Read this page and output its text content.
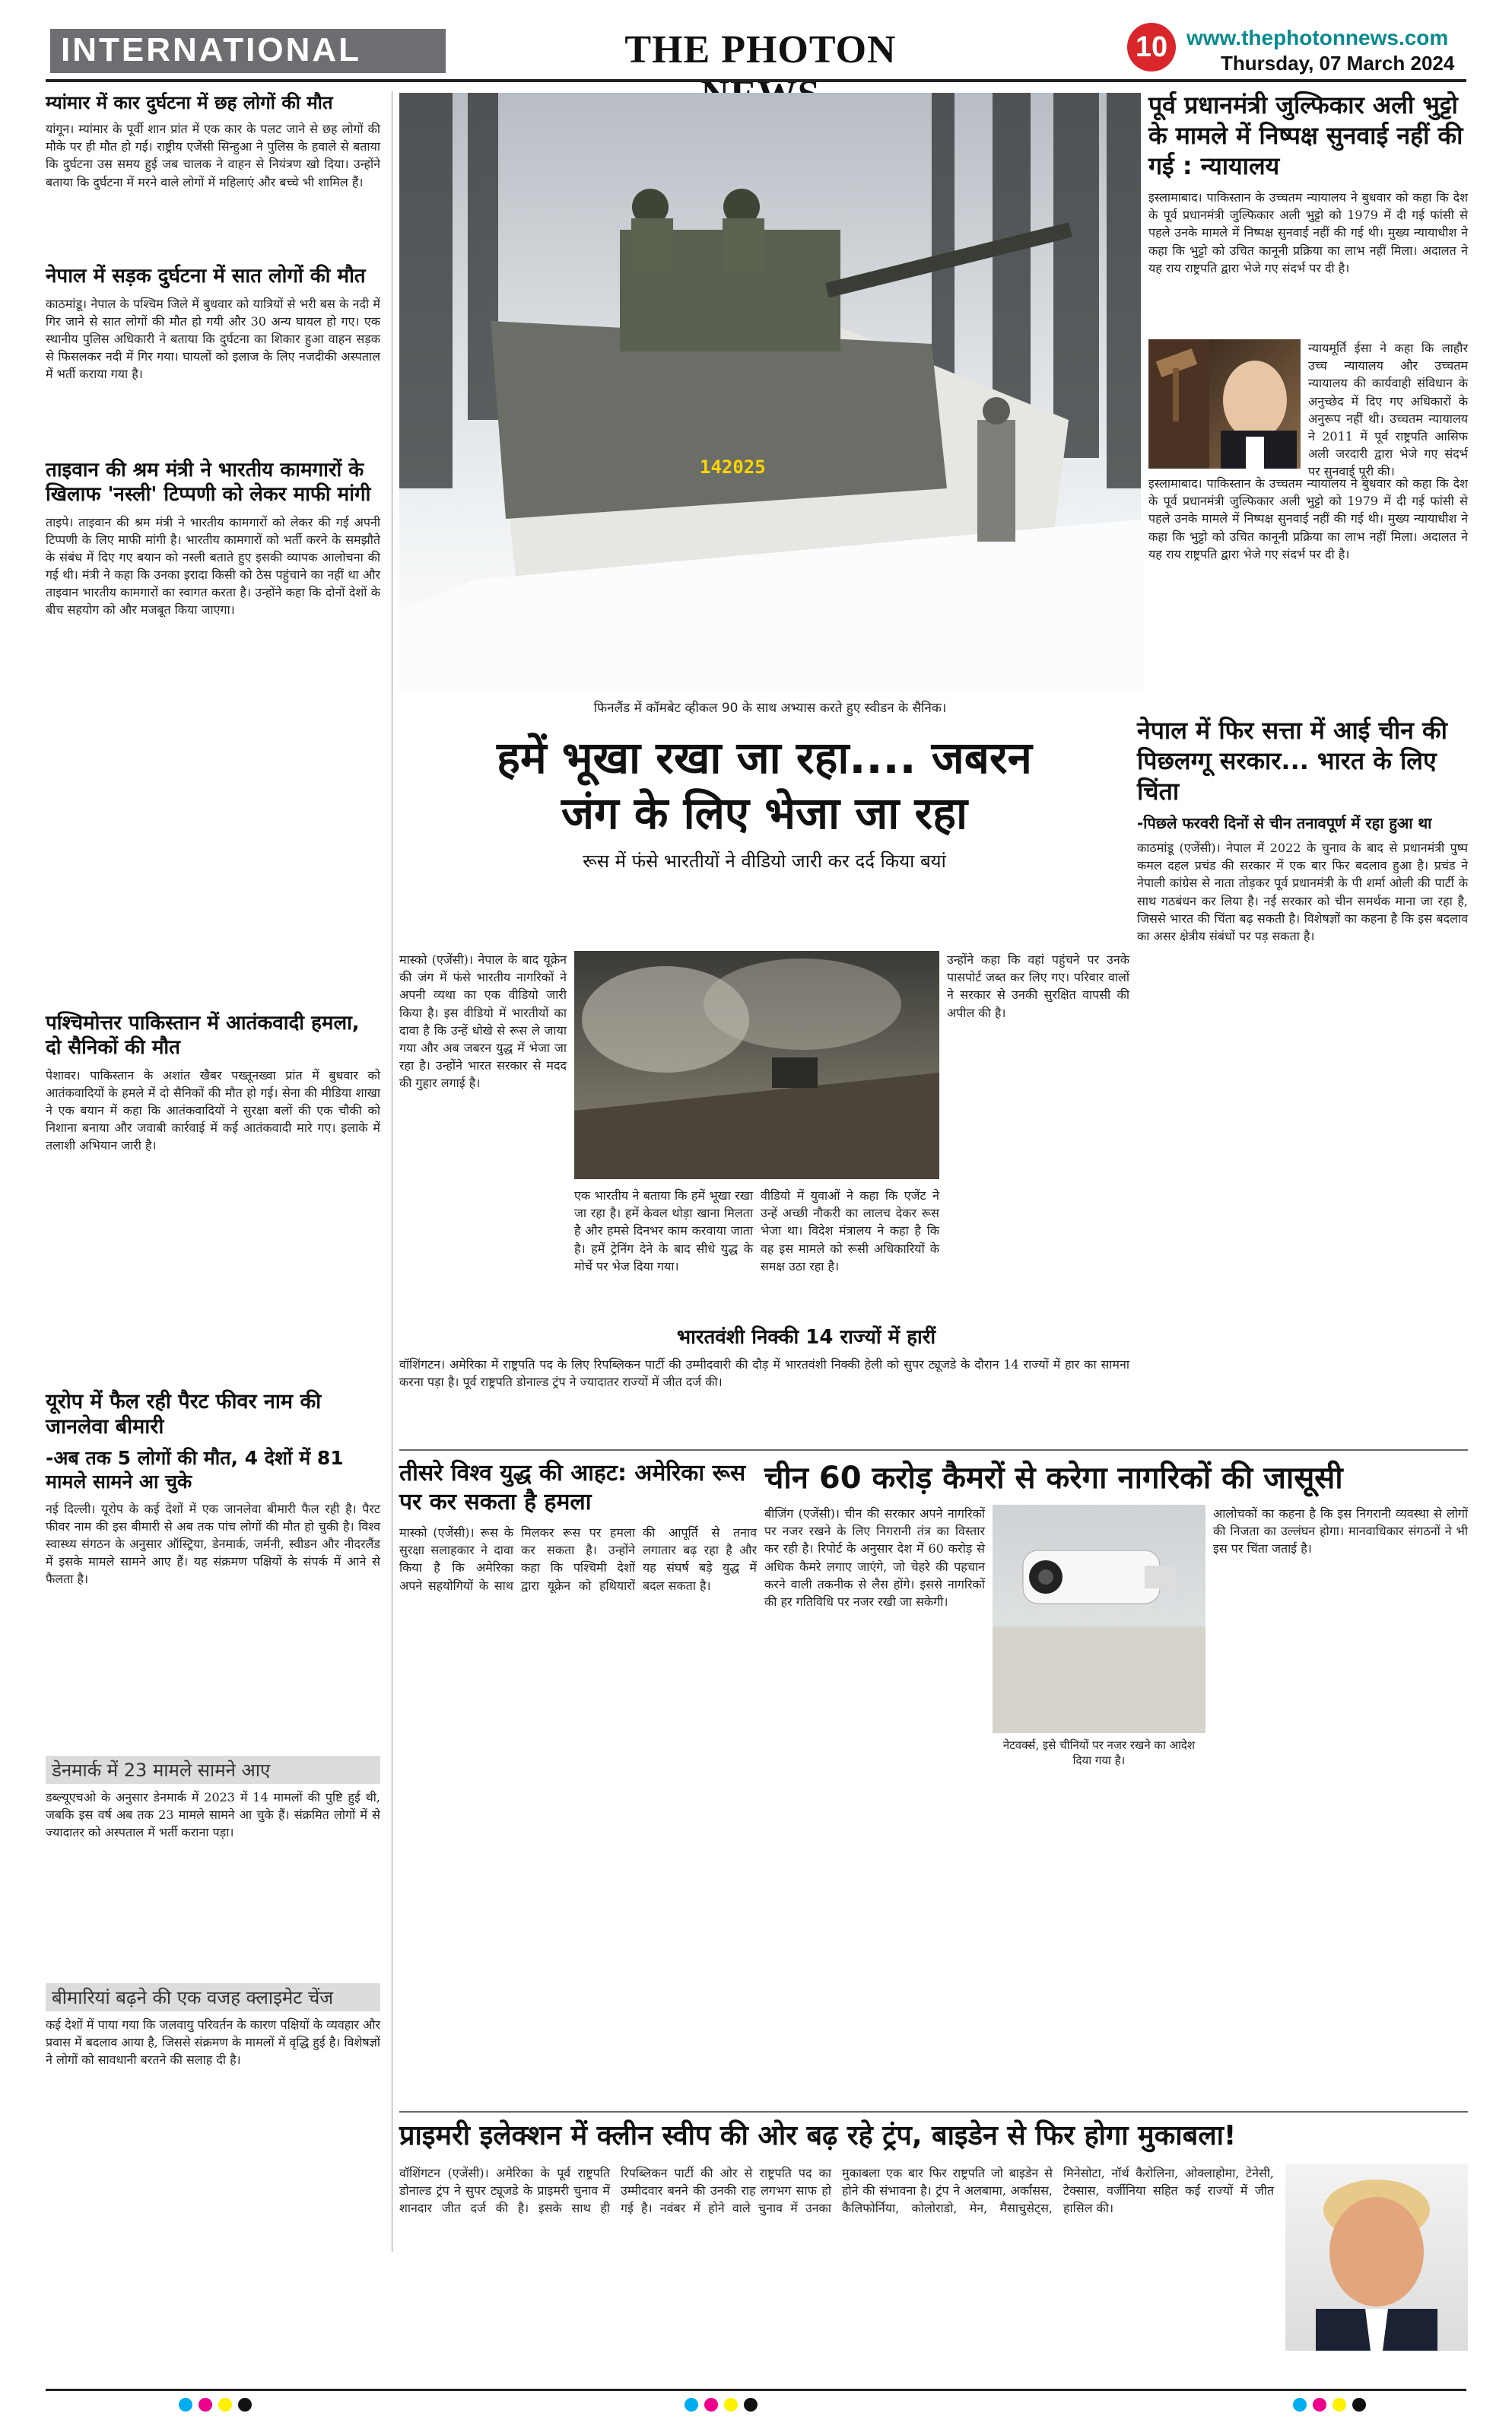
INTERNATIONAL	THE PHOTON	10 www.thephotonnews.com
Thursday, 07 March 2024
म्यांमार में कार दुर्घटना में छह लोगों की मौत
यांगून। म्यांमार के पूर्वी शान प्रांत में एक कार के पलट जाने से छह लोगों की मौके पर ही मौत हो गई। राष्ट्रीय एजेंसी सिन्हुआ ने पुलिस के हवाले से बताया कि दुर्घटना उस समय हुई जब चालक ने वाहन से नियंत्रण खो दिया। उन्होंने बताया कि दुर्घटना में मरने वाले लोगों में महिलाएं और बच्चे भी शामिल हैं।
नेपाल में सड़क दुर्घटना में सात लोगों की मौत
काठमांडू। नेपाल के पश्चिम जिले में बुधवार को यात्रियों से भरी बस के नदी में गिर जाने से सात लोगों की मौत हो गयी और 30 अन्य घायल हो गए। एक स्थानीय पुलिस अधिकारी ने बताया कि दुर्घटना का शिकार हुआ वाहन सड़क से फिसलकर नदी में गिर गया। घायलों को इलाज के लिए नजदीकी अस्पताल में भर्ती कराया गया है।
ताइवान की श्रम मंत्री ने भारतीय कामगारों के खिलाफ 'नस्ली' टिप्पणी को लेकर माफी मांगी
ताइपे। ताइवान की श्रम मंत्री ने भारतीय कामगारों को लेकर की गई अपनी टिप्पणी के लिए माफी मांगी है। भारतीय कामगारों को भर्ती करने के समझौते के संबंध में दिए गए बयान को नस्ली बताते हुए इसकी व्यापक आलोचना की गई थी। मंत्री ने कहा कि उनका इरादा किसी को ठेस पहुंचाने का नहीं था और ताइवान भारतीय कामगारों का स्वागत करता है। उन्होंने कहा कि दोनों देशों के बीच सहयोग को और मजबूत किया जाएगा।
पश्चिमोत्तर पाकिस्तान में आतंकवादी हमला, दो सैनिकों की मौत
पेशावर। पाकिस्तान के अशांत खैबर पख्तूनख्वा प्रांत में बुधवार को आतंकवादियों के हमले में दो सैनिकों की मौत हो गई। सेना की मीडिया शाखा ने एक बयान में कहा कि आतंकवादियों ने सुरक्षा बलों की एक चौकी को निशाना बनाया और जवाबी कार्रवाई में कई आतंकवादी मारे गए। इलाके में तलाशी अभियान जारी है।
यूरोप में फैल रही पैरट फीवर नाम की जानलेवा बीमारी
-अब तक 5 लोगों की मौत, 4 देशों में 81 मामले सामने आ चुके
नई दिल्ली। यूरोप के कई देशों में एक जानलेवा बीमारी फैल रही है। पैरट फीवर नाम की इस बीमारी से अब तक पांच लोगों की मौत हो चुकी है। विश्व स्वास्थ्य संगठन के अनुसार ऑस्ट्रिया, डेनमार्क, जर्मनी, स्वीडन और नीदरलैंड में इसके मामले सामने आए हैं। यह संक्रमण पक्षियों के संपर्क में आने से फैलता है।
डेनमार्क में 23 मामले सामने आए
डब्ल्यूएचओ के अनुसार डेनमार्क में 2023 में 14 मामलों की पुष्टि हुई थी, जबकि इस वर्ष अब तक 23 मामले सामने आ चुके हैं। संक्रमित लोगों में से ज्यादातर को अस्पताल में भर्ती कराना पड़ा।
बीमारियां बढ़ने की एक वजह क्लाइमेट चेंज
कई देशों में पाया गया कि जलवायु परिवर्तन के कारण पक्षियों के व्यवहार और प्रवास में बदलाव आया है, जिससे संक्रमण के मामलों में वृद्धि हुई है। विशेषज्ञों ने लोगों को सावधानी बरतने की सलाह दी है।
142025
फिनलैंड में कॉमबेट व्हीकल 90 के साथ अभ्यास करते हुए स्वीडन के सैनिक।
पूर्व प्रधानमंत्री जुल्फिकार अली भुट्टो के मामले में निष्पक्ष सुनवाई नहीं की गई : न्यायालय
इस्लामाबाद। पाकिस्तान के उच्चतम न्यायालय ने बुधवार को कहा कि देश के पूर्व प्रधानमंत्री जुल्फिकार अली भुट्टो को 1979 में दी गई फांसी से पहले उनके मामले में निष्पक्ष सुनवाई नहीं की गई थी। मुख्य न्यायाधीश ने कहा कि भुट्टो को उचित कानूनी प्रक्रिया का लाभ नहीं मिला। अदालत ने यह राय राष्ट्रपति द्वारा भेजे गए संदर्भ पर दी है।
न्यायमूर्ति ईसा ने कहा कि लाहौर उच्च न्यायालय और उच्चतम न्यायालय की कार्यवाही संविधान के अनुच्छेद में दिए गए अधिकारों के अनुरूप नहीं थी। उच्चतम न्यायालय ने 2011 में पूर्व राष्ट्रपति आसिफ अली जरदारी द्वारा भेजे गए संदर्भ पर सुनवाई पूरी की।
इस्लामाबाद। पाकिस्तान के उच्चतम न्यायालय ने बुधवार को कहा कि देश के पूर्व प्रधानमंत्री जुल्फिकार अली भुट्टो को 1979 में दी गई फांसी से पहले उनके मामले में निष्पक्ष सुनवाई नहीं की गई थी। मुख्य न्यायाधीश ने कहा कि भुट्टो को उचित कानूनी प्रक्रिया का लाभ नहीं मिला। अदालत ने यह राय राष्ट्रपति द्वारा भेजे गए संदर्भ पर दी है।
हमें भूखा रखा जा रहा.... जबरन
जंग के लिए भेजा जा रहा
रूस में फंसे भारतीयों ने वीडियो जारी कर दर्द किया बयां
मास्को (एजेंसी)। नेपाल के बाद यूक्रेन की जंग में फंसे भारतीय नागरिकों ने अपनी व्यथा का एक वीडियो जारी किया है। इस वीडियो में भारतीयों का दावा है कि उन्हें धोखे से रूस ले जाया गया और अब जबरन युद्ध में भेजा जा रहा है। उन्होंने भारत सरकार से मदद की गुहार लगाई है।
उन्होंने कहा कि वहां पहुंचने पर उनके पासपोर्ट जब्त कर लिए गए। परिवार वालों ने सरकार से उनकी सुरक्षित वापसी की अपील की है।
एक भारतीय ने बताया कि हमें भूखा रखा जा रहा है। हमें केवल थोड़ा खाना मिलता है और हमसे दिनभर काम करवाया जाता है। हमें ट्रेनिंग देने के बाद सीधे युद्ध के मोर्चे पर भेज दिया गया।
वीडियो में युवाओं ने कहा कि एजेंट ने उन्हें अच्छी नौकरी का लालच देकर रूस भेजा था। विदेश मंत्रालय ने कहा है कि वह इस मामले को रूसी अधिकारियों के समक्ष उठा रहा है।
भारतवंशी निक्की 14 राज्यों में हारीं
वॉशिंगटन। अमेरिका में राष्ट्रपति पद के लिए रिपब्लिकन पार्टी की उम्मीदवारी की दौड़ में भारतवंशी निक्की हेली को सुपर ट्यूजडे के दौरान 14 राज्यों में हार का सामना करना पड़ा है। पूर्व राष्ट्रपति डोनाल्ड ट्रंप ने ज्यादातर राज्यों में जीत दर्ज की।
नेपाल में फिर सत्ता में आई चीन की पिछलग्गू सरकार... भारत के लिए चिंता
-पिछले फरवरी दिनों से चीन तनावपूर्ण में रहा हुआ था
काठमांडू (एजेंसी)। नेपाल में 2022 के चुनाव के बाद से प्रधानमंत्री पुष्प कमल दहल प्रचंड की सरकार में एक बार फिर बदलाव हुआ है। प्रचंड ने नेपाली कांग्रेस से नाता तोड़कर पूर्व प्रधानमंत्री के पी शर्मा ओली की पार्टी के साथ गठबंधन कर लिया है। नई सरकार को चीन समर्थक माना जा रहा है, जिससे भारत की चिंता बढ़ सकती है। विशेषज्ञों का कहना है कि इस बदलाव का असर क्षेत्रीय संबंधों पर पड़ सकता है।
तीसरे विश्व युद्ध की आहट: अमेरिका रूस पर कर सकता है हमला
मास्को (एजेंसी)। रूस के सुरक्षा सलाहकार ने दावा किया है कि अमेरिका अपने सहयोगियों के साथ मिलकर रूस पर हमला कर सकता है। उन्होंने कहा कि पश्चिमी देशों द्वारा यूक्रेन को हथियारों की आपूर्ति से तनाव लगातार बढ़ रहा है और यह संघर्ष बड़े युद्ध में बदल सकता है।
चीन 60 करोड़ कैमरों से करेगा नागरिकों की जासूसी
बीजिंग (एजेंसी)। चीन की सरकार अपने नागरिकों पर नजर रखने के लिए निगरानी तंत्र का विस्तार कर रही है। रिपोर्ट के अनुसार देश में 60 करोड़ से अधिक कैमरे लगाए जाएंगे, जो चेहरे की पहचान करने वाली तकनीक से लैस होंगे। इससे नागरिकों की हर गतिविधि पर नजर रखी जा सकेगी।
नेटवर्क्स, इसे चीनियों पर नजर रखने का आदेश दिया गया है।
आलोचकों का कहना है कि इस निगरानी व्यवस्था से लोगों की निजता का उल्लंघन होगा। मानवाधिकार संगठनों ने भी इस पर चिंता जताई है।
प्राइमरी इलेक्शन में क्लीन स्वीप की ओर बढ़ रहे ट्रंप, बाइडेन से फिर होगा मुकाबला!
वॉशिंगटन (एजेंसी)। अमेरिका के पूर्व राष्ट्रपति डोनाल्ड ट्रंप ने सुपर ट्यूजडे के प्राइमरी चुनाव में शानदार जीत दर्ज की है। इसके साथ ही रिपब्लिकन पार्टी की ओर से राष्ट्रपति पद का उम्मीदवार बनने की उनकी राह लगभग साफ हो गई है। नवंबर में होने वाले चुनाव में उनका मुकाबला एक बार फिर राष्ट्रपति जो बाइडेन से होने की संभावना है। ट्रंप ने अलबामा, अर्कांसस, कैलिफोर्निया, कोलोराडो, मेन, मैसाचुसेट्स, मिनेसोटा, नॉर्थ कैरोलिना, ओक्लाहोमा, टेनेसी, टेक्सास, वर्जीनिया सहित कई राज्यों में जीत हासिल की।
